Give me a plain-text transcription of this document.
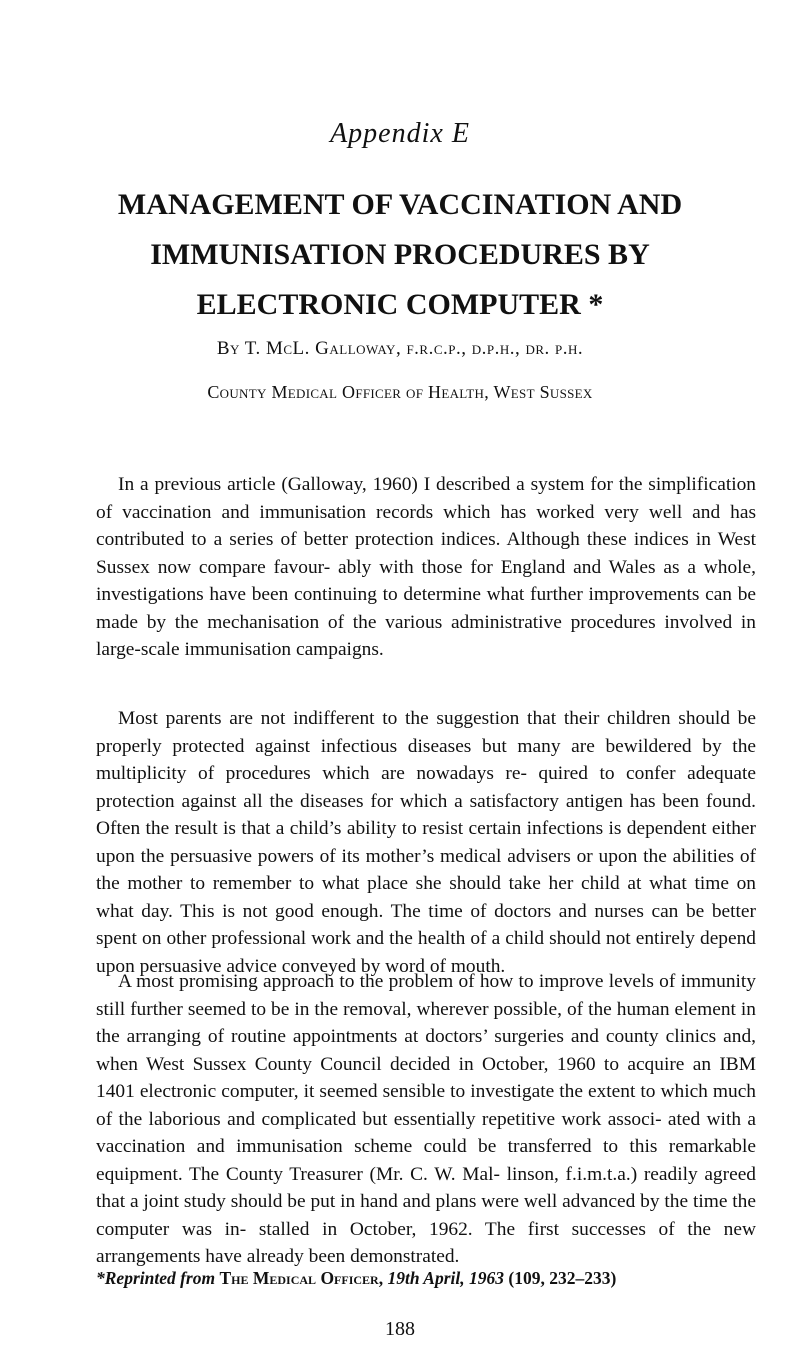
Appendix E
MANAGEMENT OF VACCINATION AND
IMMUNISATION PROCEDURES BY
ELECTRONIC COMPUTER *
By T. McL. Galloway, f.r.c.p., d.p.h., dr. p.h.
County Medical Officer of Health, West Sussex

In a previous article (Galloway, 1960) I described a system for the simplification of vaccination and immunisation records which has worked very well and has contributed to a series of better protection indices. Although these indices in West Sussex now compare favour- ably with those for England and Wales as a whole, investigations have been continuing to determine what further improvements can be made by the mechanisation of the various administrative procedures involved in large-scale immunisation campaigns.

Most parents are not indifferent to the suggestion that their children should be properly protected against infectious diseases but many are bewildered by the multiplicity of procedures which are nowadays re- quired to confer adequate protection against all the diseases for which a satisfactory antigen has been found. Often the result is that a child’s ability to resist certain infections is dependent either upon the persuasive powers of its mother’s medical advisers or upon the abilities of the mother to remember to what place she should take her child at what time on what day. This is not good enough. The time of doctors and nurses can be better spent on other professional work and the health of a child should not entirely depend upon persuasive advice conveyed by word of mouth.

A most promising approach to the problem of how to improve levels of immunity still further seemed to be in the removal, wherever possible, of the human element in the arranging of routine appointments at doctors’ surgeries and county clinics and, when West Sussex County Council decided in October, 1960 to acquire an IBM 1401 electronic computer, it seemed sensible to investigate the extent to which much of the laborious and complicated but essentially repetitive work associ- ated with a vaccination and immunisation scheme could be transferred to this remarkable equipment. The County Treasurer (Mr. C. W. Mal- linson, f.i.m.t.a.) readily agreed that a joint study should be put in hand and plans were well advanced by the time the computer was in- stalled in October, 1962. The first successes of the new arrangements have already been demonstrated.

*Reprinted from The Medical Officer, 19th April, 1963 (109, 232–233)
188
